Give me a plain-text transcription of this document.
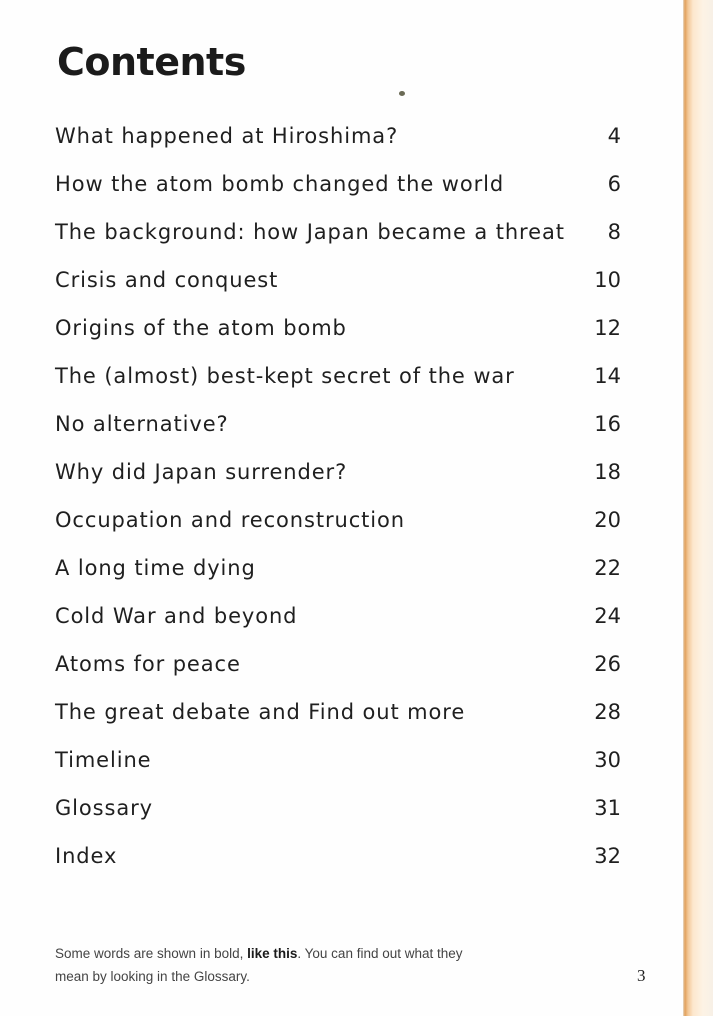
Contents
What happened at Hiroshima?	4
How the atom bomb changed the world	6
The background: how Japan became a threat 8
Crisis and conquest	10
Origins of the atom bomb	12
The (almost) best-kept secret of the war	14
No alternative?	16
Why did Japan surrender?	18
Occupation and reconstruction	20
A long time dying	22
Cold War and beyond	24
Atoms for peace	26
The great debate and Find out more	28
Timeline	30
Glossary	31
Index	32

Some words are shown in bold, like this. You can find out what they mean by looking in the Glossary.	3
